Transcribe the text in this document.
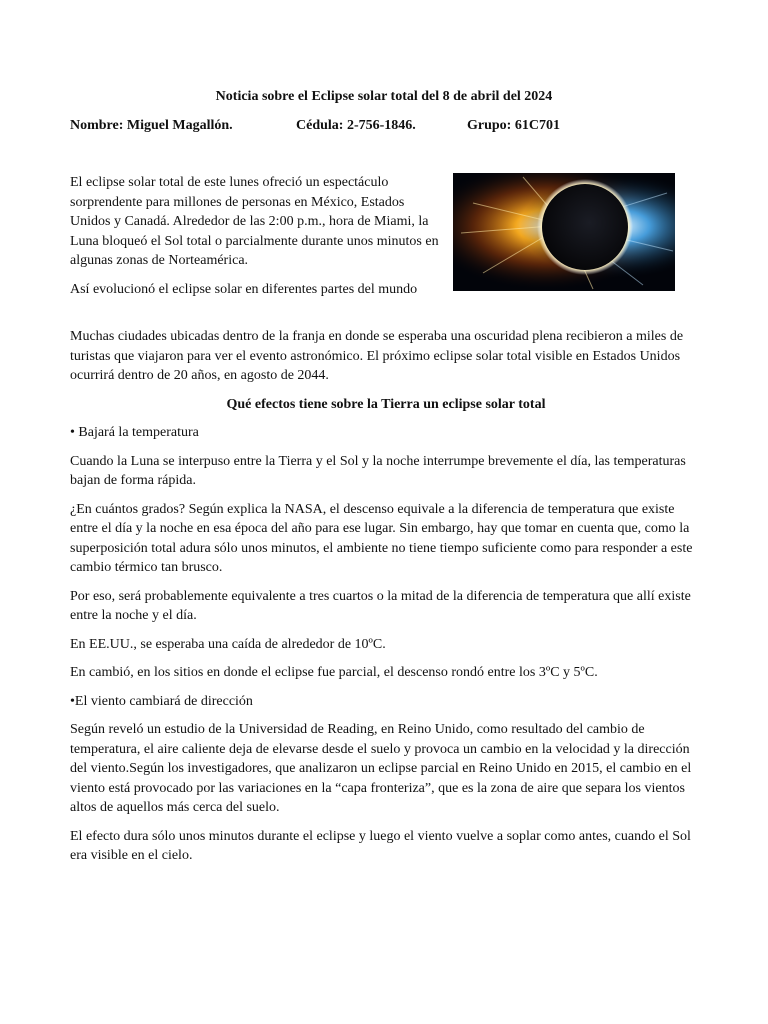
Noticia sobre el Eclipse solar total del 8 de abril del 2024
Nombre: Miguel Magallón.	Cédula: 2-756-1846.	Grupo: 61C701

El eclipse solar total de este lunes ofreció un espectáculo sorprendente para millones de personas en México, Estados Unidos y Canadá. Alrededor de las 2:00 p.m., hora de Miami, la Luna bloqueó el Sol total o parcialmente durante unos minutos en algunas zonas de Norteamérica.

Así evolucionó el eclipse solar en diferentes partes del mundo

Muchas ciudades ubicadas dentro de la franja en donde se esperaba una oscuridad plena recibieron a miles de turistas que viajaron para ver el evento astronómico. El próximo eclipse solar total visible en Estados Unidos ocurrirá dentro de 20 años, en agosto de 2044.

Qué efectos tiene sobre la Tierra un eclipse solar total

• Bajará la temperatura

Cuando la Luna se interpuso entre la Tierra y el Sol y la noche interrumpe brevemente el día, las temperaturas bajan de forma rápida.

¿En cuántos grados? Según explica la NASA, el descenso equivale a la diferencia de temperatura que existe entre el día y la noche en esa época del año para ese lugar. Sin embargo, hay que tomar en cuenta que, como la superposición total adura sólo unos minutos, el ambiente no tiene tiempo suficiente como para responder a este cambio térmico tan brusco.

Por eso, será probablemente equivalente a tres cuartos o la mitad de la diferencia de temperatura que allí existe entre la noche y el día.

En EE.UU., se esperaba una caída de alrededor de 10ºC.

En cambió, en los sitios en donde el eclipse fue parcial, el descenso rondó entre los 3ºC y 5ºC.

•El viento cambiará de dirección

Según reveló un estudio de la Universidad de Reading, en Reino Unido, como resultado del cambio de temperatura, el aire caliente deja de elevarse desde el suelo y provoca un cambio en la velocidad y la dirección del viento.Según los investigadores, que analizaron un eclipse parcial en Reino Unido en 2015, el cambio en el viento está provocado por las variaciones en la “capa fronteriza”, que es la zona de aire que separa los vientos altos de aquellos más cerca del suelo.

El efecto dura sólo unos minutos durante el eclipse y luego el viento vuelve a soplar como antes, cuando el Sol era visible en el cielo.
